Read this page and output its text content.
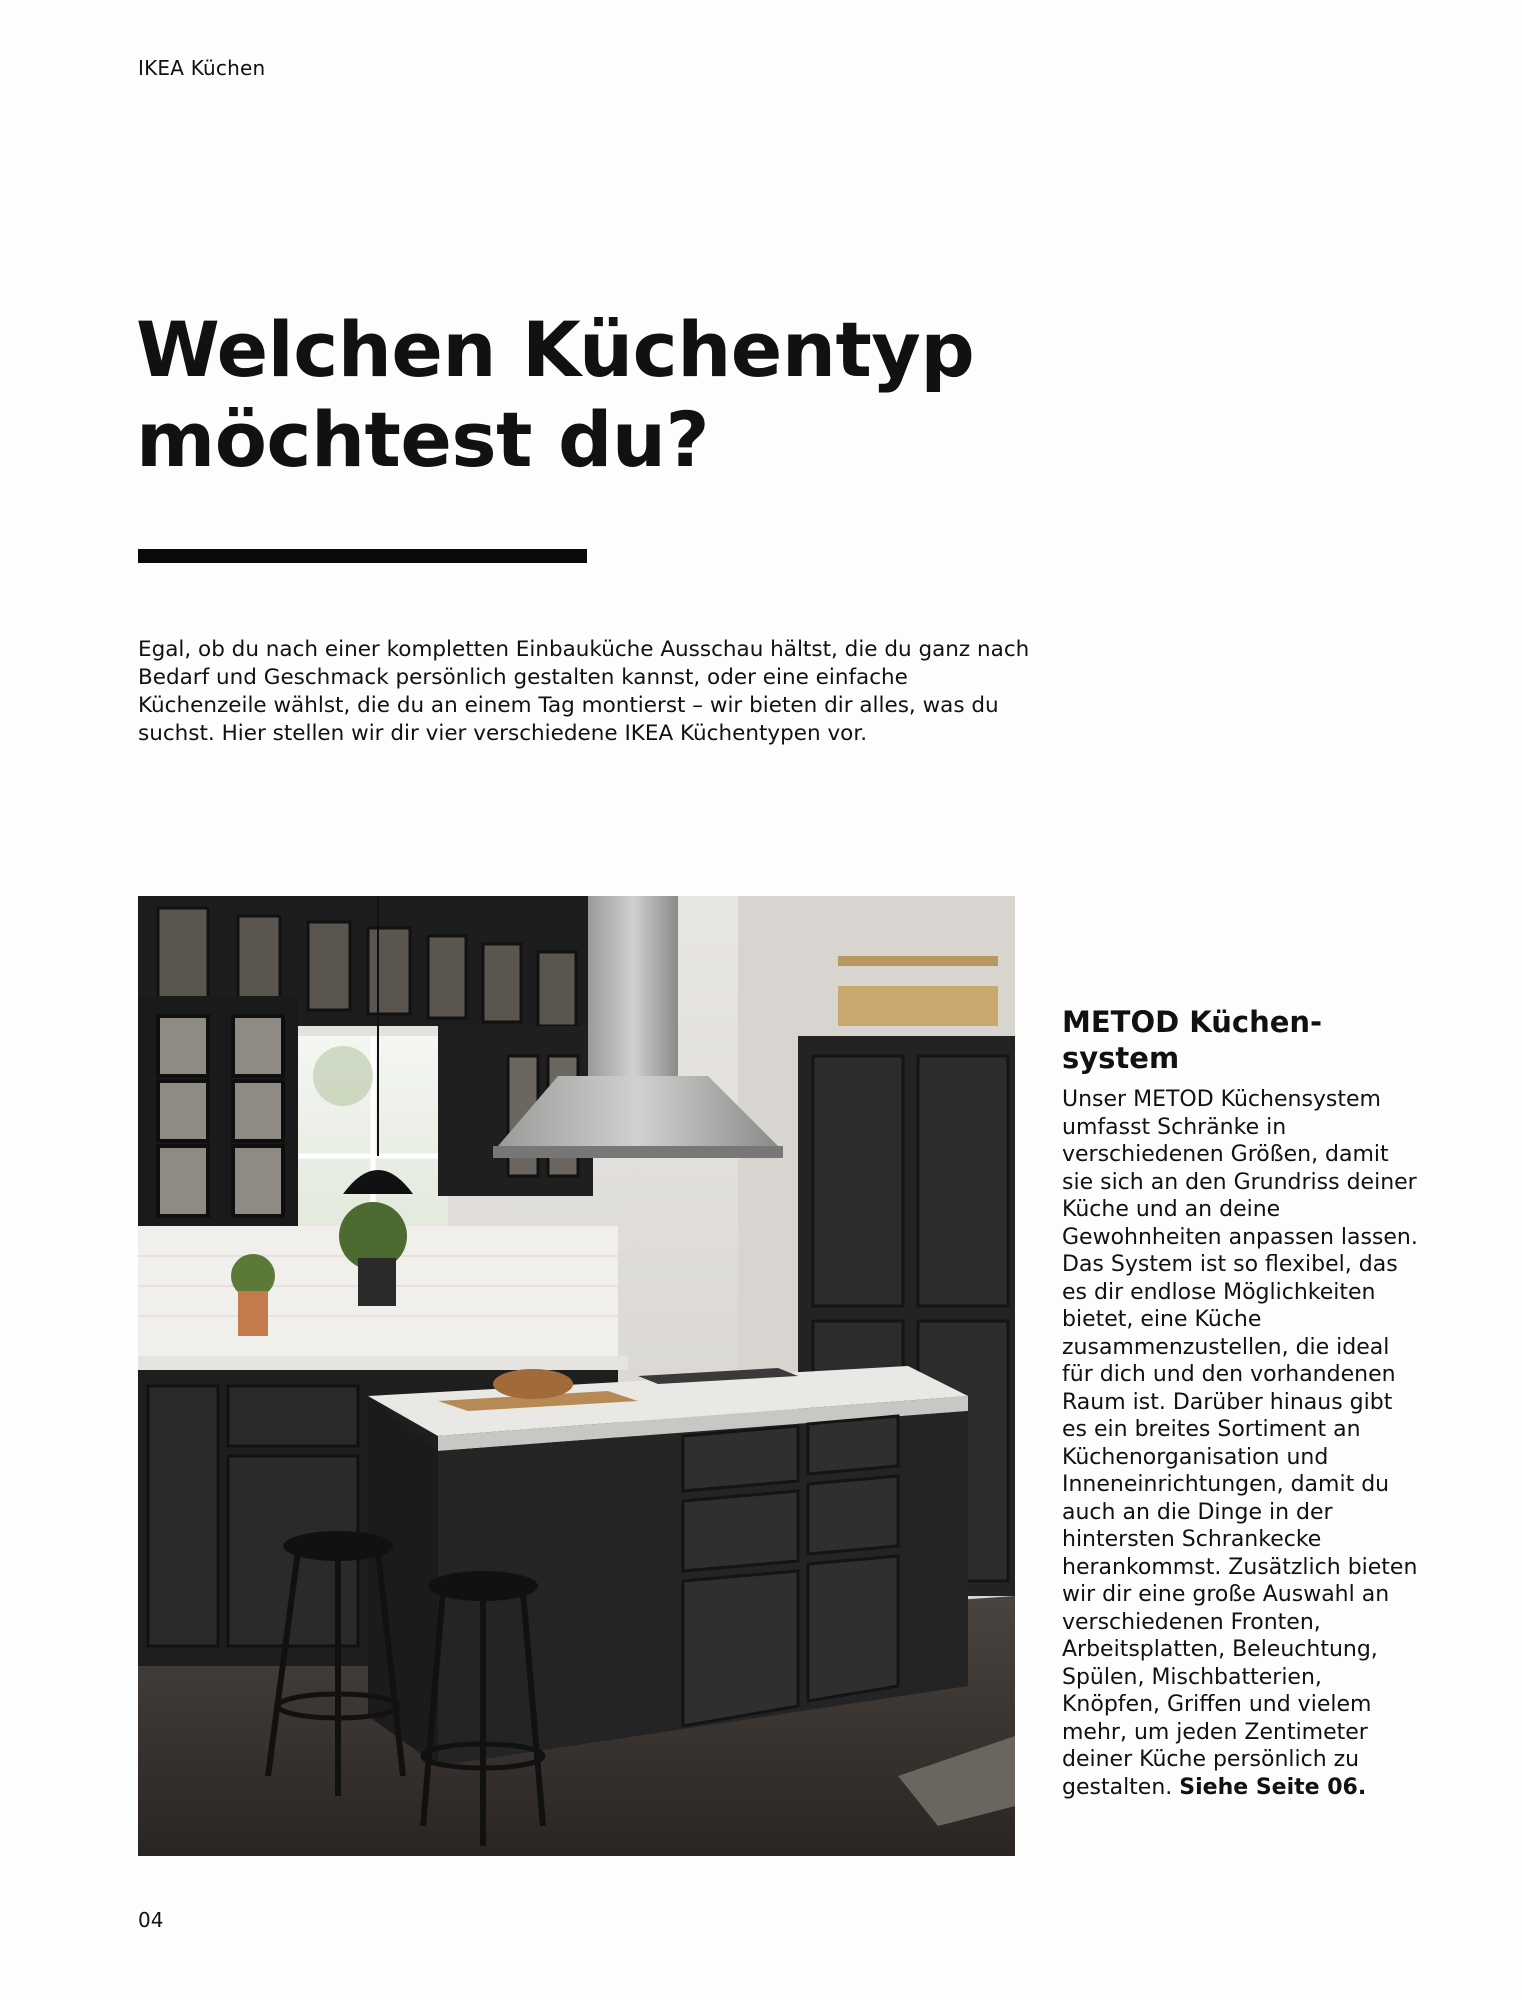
IKEA Küchen
Welchen Küchentyp
möchtest du?

Egal, ob du nach einer kompletten Einbauküche Ausschau hältst, die du ganz nach Bedarf und Geschmack persönlich gestalten kannst, oder eine einfache Küchenzeile wählst, die du an einem Tag montierst – wir bieten dir alles, was du suchst. Hier stellen wir dir vier verschiedene IKEA Küchentypen vor.

METOD Küchen-
system

Unser METOD Küchensystem umfasst Schränke in verschiedenen Größen, damit sie sich an den Grundriss deiner Küche und an deine Gewohnheiten anpassen lassen. Das System ist so flexibel, das es dir endlose Möglichkeiten bietet, eine Küche zusammenzustellen, die ideal für dich und den vorhandenen Raum ist. Darüber hinaus gibt es ein breites Sortiment an Küchenorganisation und Inneneinrichtungen, damit du auch an die Dinge in der hintersten Schrankecke herankommst. Zusätzlich bieten wir dir eine große Auswahl an verschiedenen Fronten, Arbeitsplatten, Beleuchtung, Spülen, Mischbatterien, Knöpfen, Griffen und vielem mehr, um jeden Zentimeter deiner Küche persönlich zu gestalten. Siehe Seite 06.

04
